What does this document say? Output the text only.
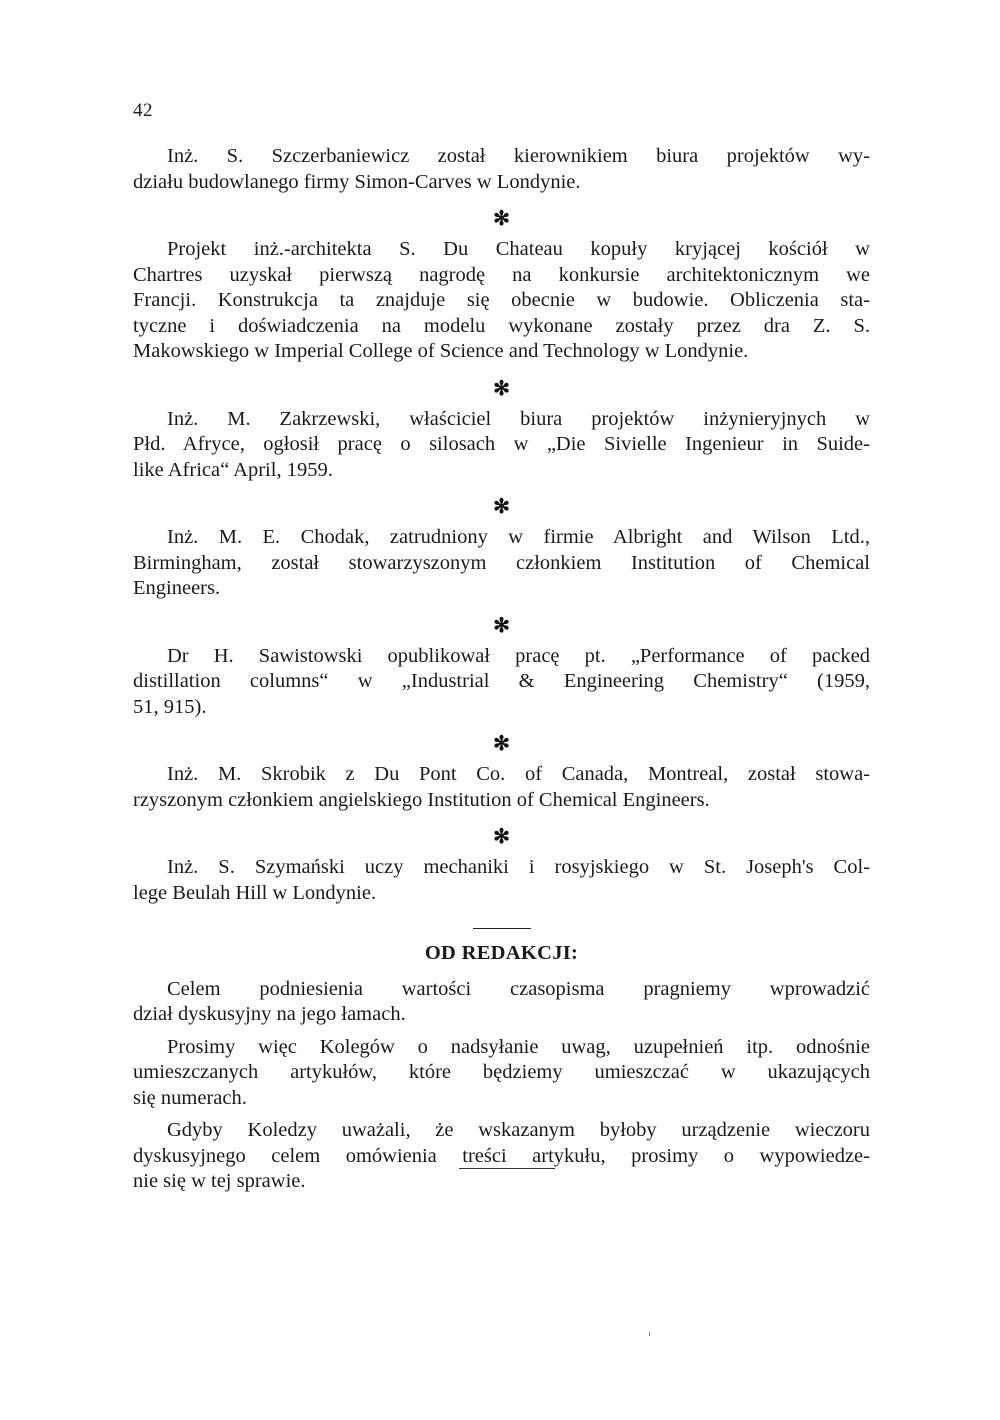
42

Inż. S. Szczerbaniewicz został kierownikiem biura projektów wy-
działu budowlanego firmy Simon-Carves w Londynie.

✻

Projekt inż.-architekta S. Du Chateau kopuły kryjącej kościół w
Chartres uzyskał pierwszą nagrodę na konkursie architektonicznym we
Francji. Konstrukcja ta znajduje się obecnie w budowie. Obliczenia sta-
tyczne i doświadczenia na modelu wykonane zostały przez dra Z. S.
Makowskiego w Imperial College of Science and Technology w Londynie.

✻

Inż. M. Zakrzewski, właściciel biura projektów inżynieryjnych w
Płd. Afryce, ogłosił pracę o silosach w „Die Sivielle Ingenieur in Suide-
like Africa“ April, 1959.

✻

Inż. M. E. Chodak, zatrudniony w firmie Albright and Wilson Ltd.,
Birmingham, został stowarzyszonym członkiem Institution of Chemical
Engineers.

✻

Dr H. Sawistowski opublikował pracę pt. „Performance of packed
distillation columns“ w „Industrial & Engineering Chemistry“ (1959,
51, 915).

✻

Inż. M. Skrobik z Du Pont Co. of Canada, Montreal, został stowa-
rzyszonym członkiem angielskiego Institution of Chemical Engineers.

✻

Inż. S. Szymański uczy mechaniki i rosyjskiego w St. Joseph's Col-
lege Beulah Hill w Londynie.

OD REDAKCJI:

Celem podniesienia wartości czasopisma pragniemy wprowadzić
dział dyskusyjny na jego łamach.

Prosimy więc Kolegów o nadsyłanie uwag, uzupełnień itp. odnośnie
umieszczanych artykułów, które będziemy umieszczać w ukazujących
się numerach.

Gdyby Koledzy uważali, że wskazanym byłoby urządzenie wieczoru
dyskusyjnego celem omówienia treści artykułu, prosimy o wypowiedze-
nie się w tej sprawie.
